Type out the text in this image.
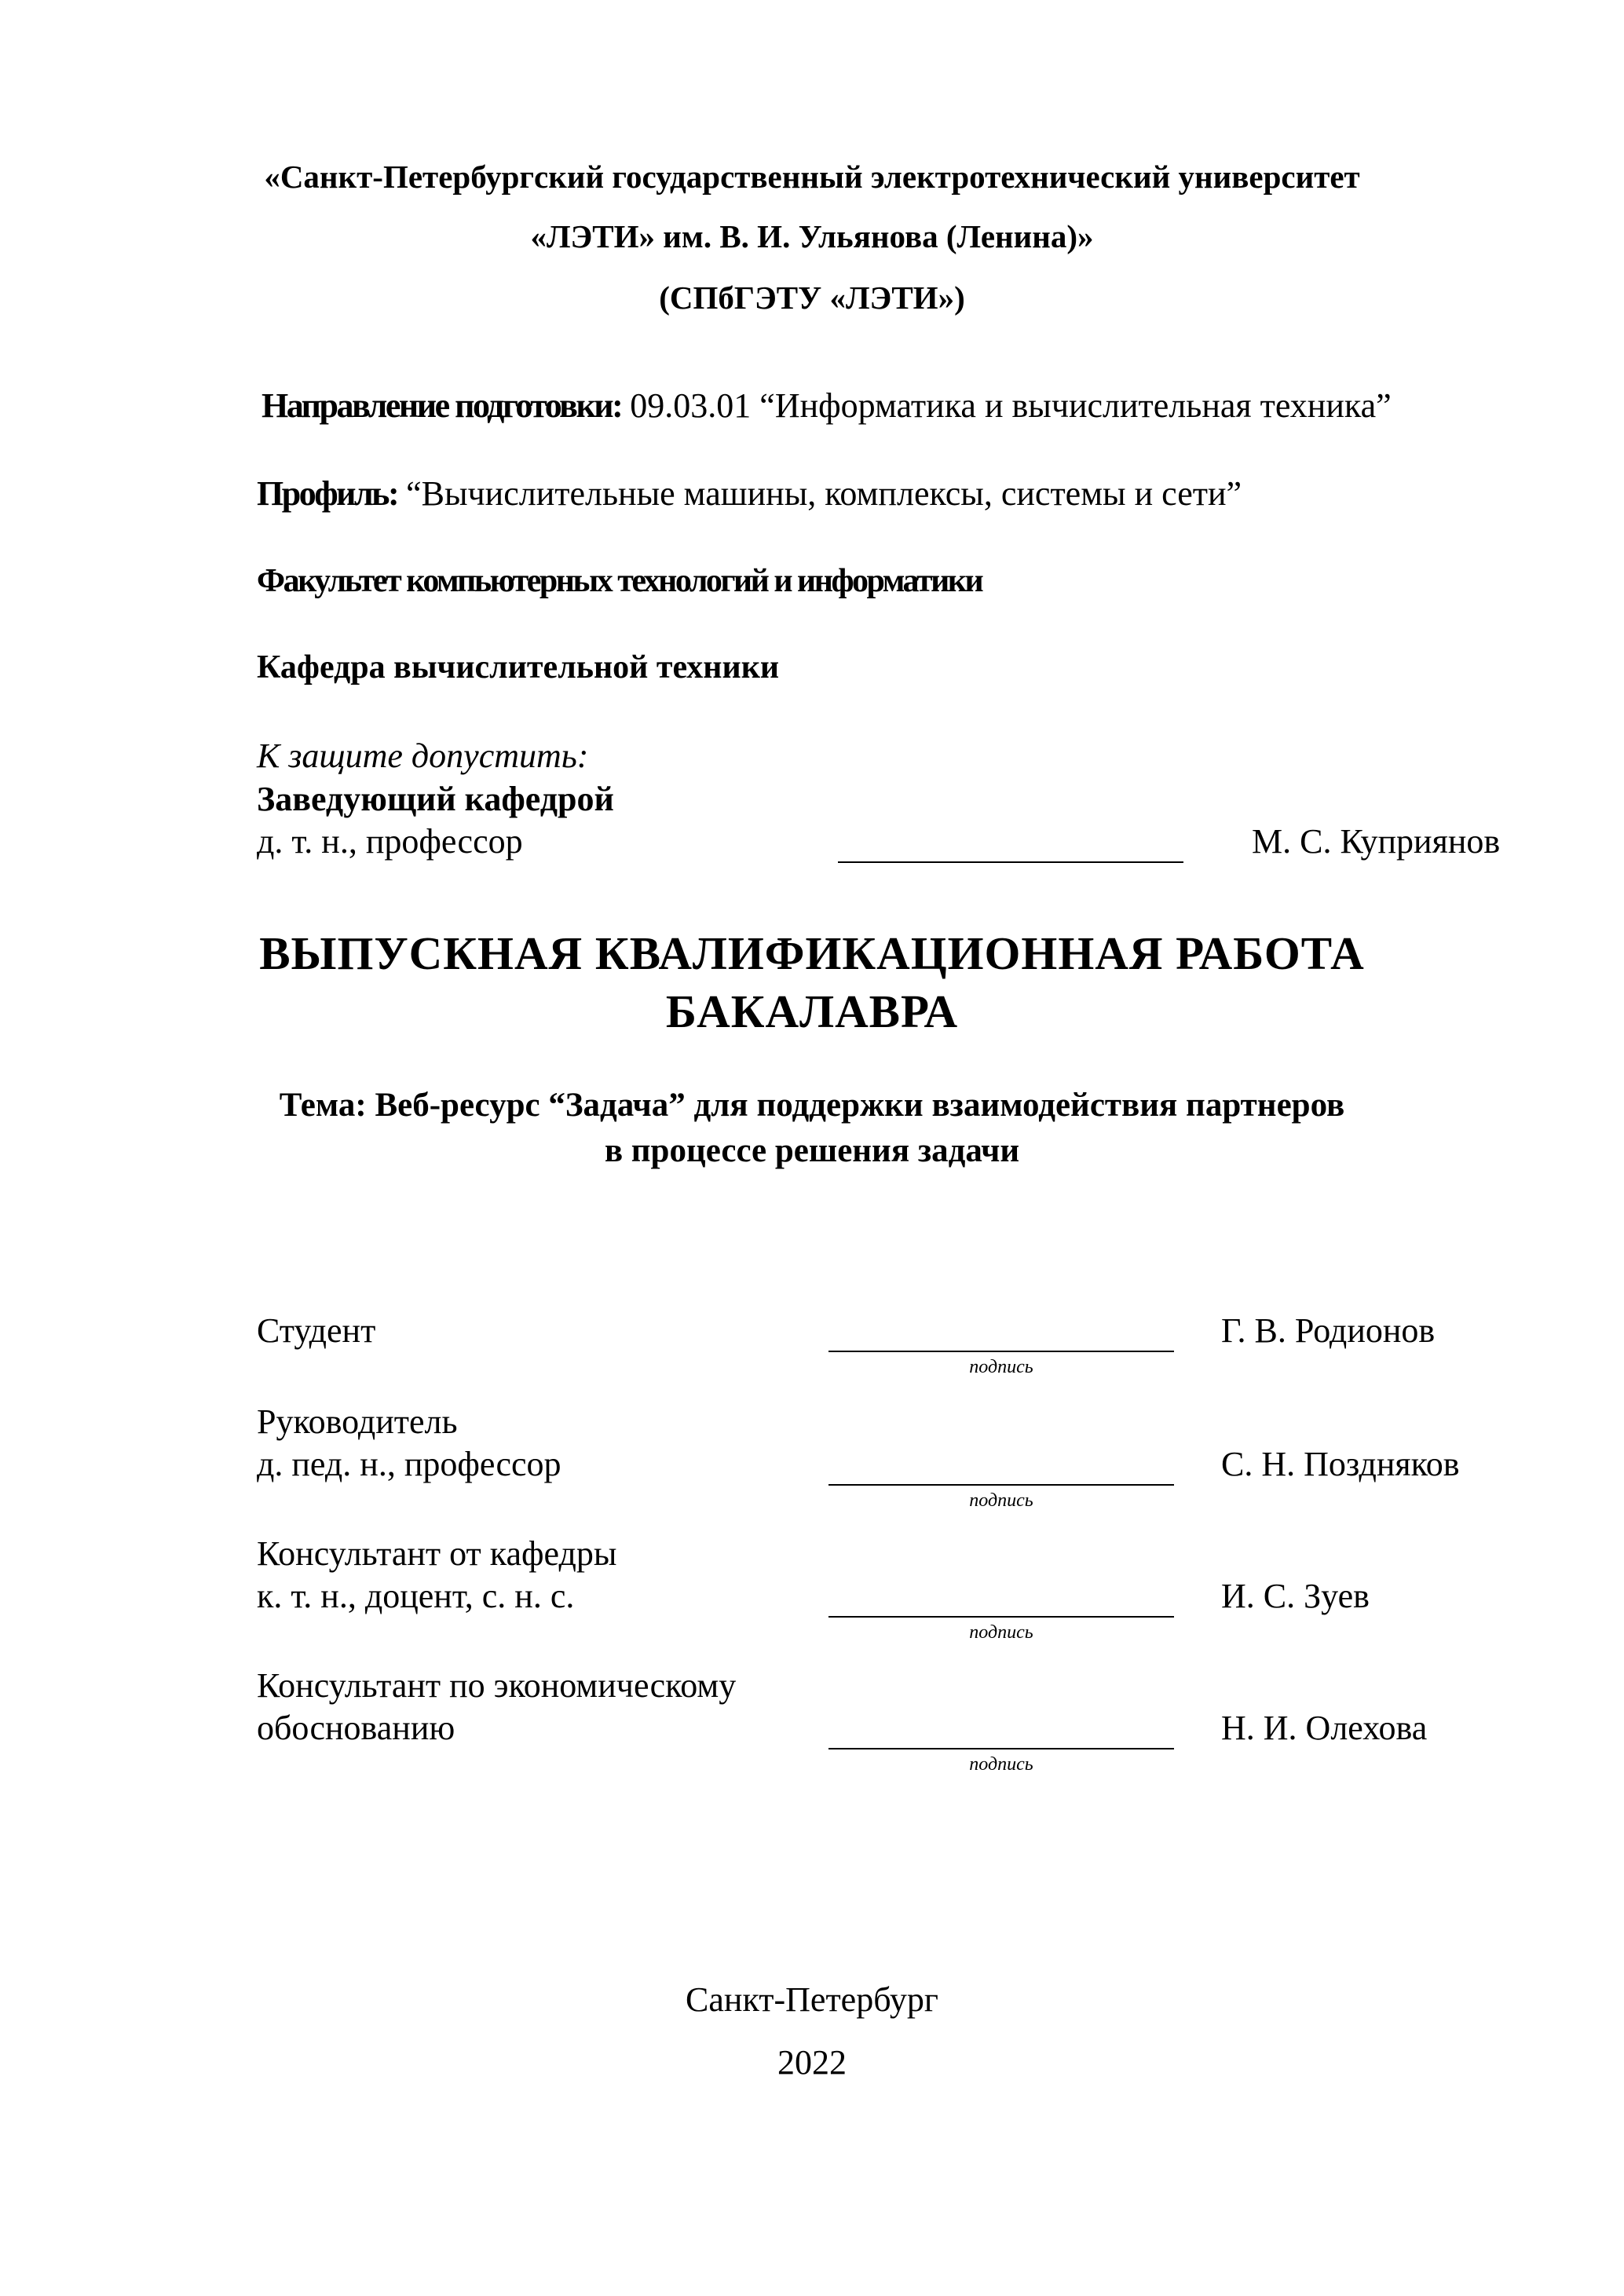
«Санкт-Петербургский государственный электротехнический университет
«ЛЭТИ» им. В. И. Ульянова (Ленина)»
(СПбГЭТУ «ЛЭТИ»)
Направление подготовки: 09.03.01 “Информатика и вычислительная техника”
Профиль: “Вычислительные машины, комплексы, системы и сети”
Факультет компьютерных технологий и информатики
Кафедра вычислительной техники
К защите допустить:
Заведующий кафедрой
д. т. н., профессор	М. С. Куприянов
ВЫПУСКНАЯ КВАЛИФИКАЦИОННАЯ РАБОТА
БАКАЛАВРА
Тема: Веб-ресурс “Задача” для поддержки взаимодействия партнеров
в процессе решения задачи
Студент
подпись
Г. В. Родионов
Руководитель
д. пед. н., профессор
подпись
С. Н. Поздняков
Консультант от кафедры
к. т. н., доцент, с. н. с.
подпись
И. С. Зуев
Консультант по экономическому
обоснованию
подпись
Н. И. Олехова
Санкт-Петербург
2022
